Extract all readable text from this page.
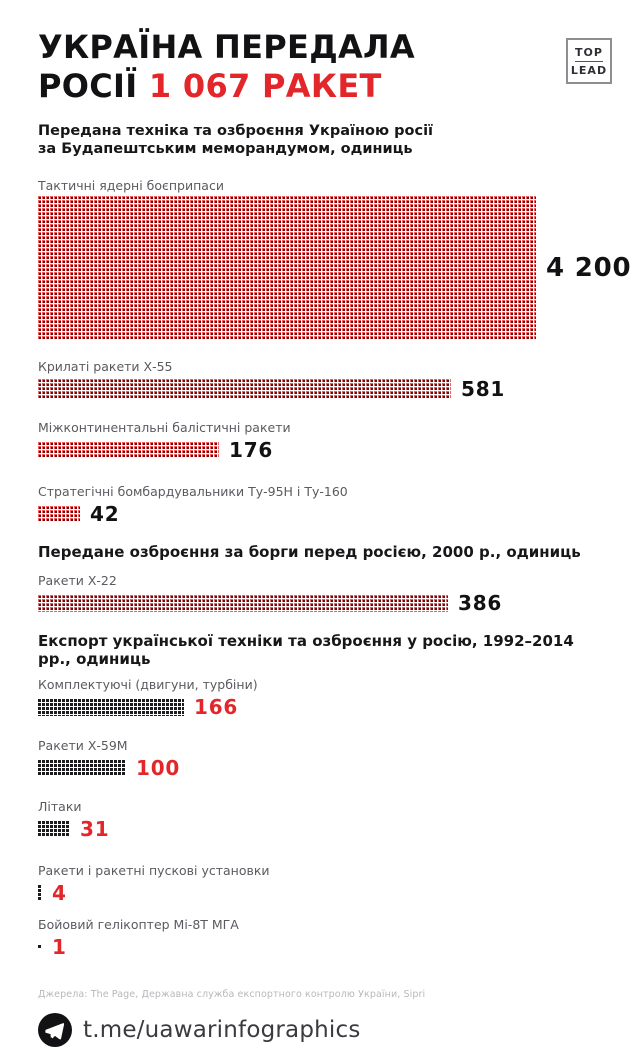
TOP
LEAD
УКРАЇНА ПЕРЕДАЛА
РОСІЇ 1 067 РАКЕТ
Передана техніка та озброєння Україною росії
за Будапештським меморандумом, одиниць
Тактичні ядерні боєприпаси
4 200
Крилаті ракети Х-55
581
Міжконтинентальні балістичні ракети
176
Стратегічні бомбардувальники Ту-95Н і Ту-160
42
Передане озброєння за борги перед росією, 2000 р., одиниць
Ракети Х-22
386
Експорт української техніки та озброєння у росію, 1992–2014 рр., одиниць
Комплектуючі (двигуни, турбіни)
166
Ракети Х-59М
100
Літаки
31
Ракети і ракетні пускові установки
4
Бойовий гелікоптер Мі-8Т МГА
1
Джерела: The Page, Державна служба експортного контролю України, Sipri
t.me/uawarinfographics
